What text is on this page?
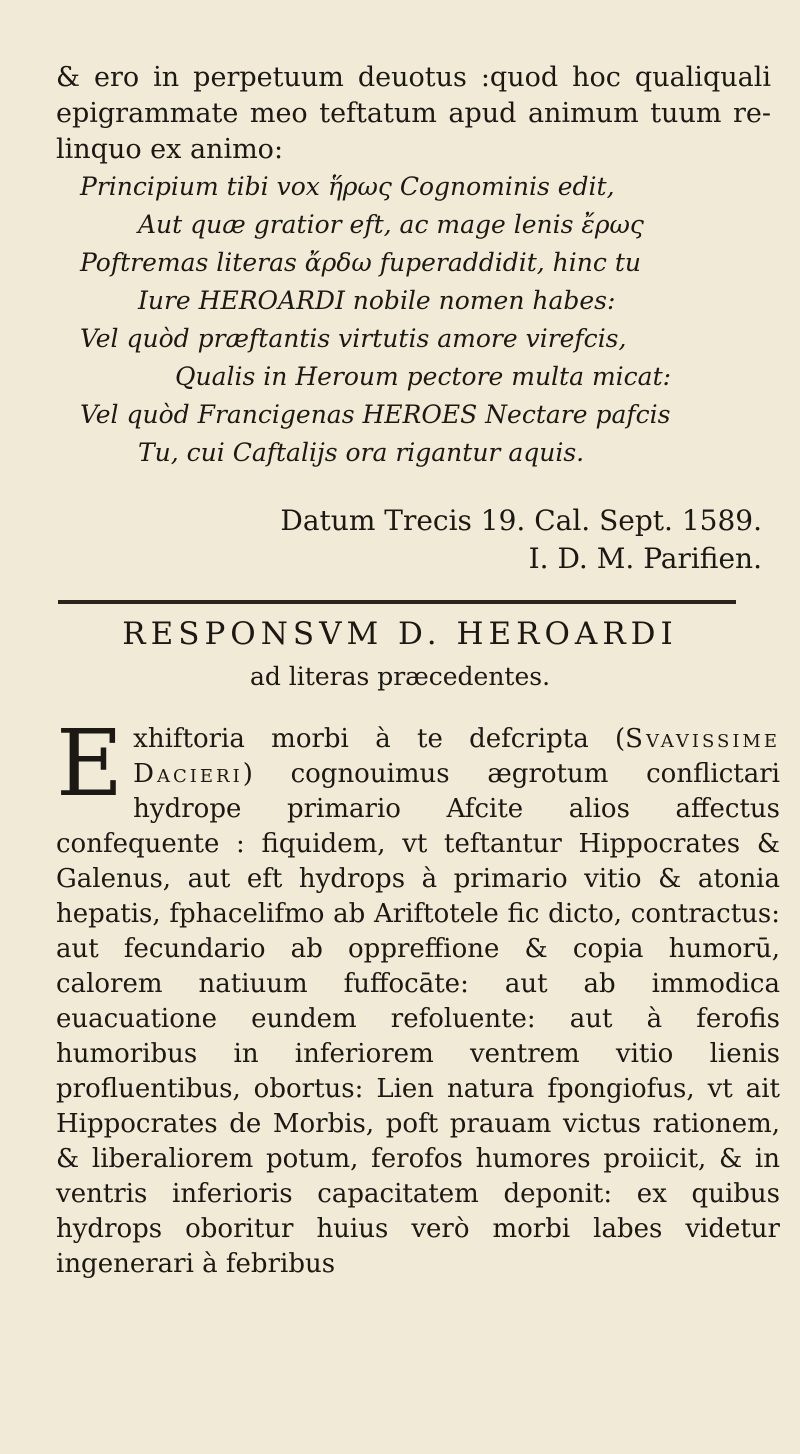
& ero in perpetuum deuotus :quod hoc qualiquali epigrammate meo teftatum apud animum tuum re- linquo ex animo:

Principium tibi vox ἥρως Cognominis edit,
Aut quæ gratior eft, ac mage lenis ἔρως
Poftremas literas ἄρδω fuperaddidit, hinc tu
Iure HEROARDI nobile nomen habes:
Vel quòd præftantis virtutis amore virefcis,
Qualis in Heroum pectore multa micat:
Vel quòd Francigenas HEROES Nectare pafcis
Tu, cui Caftalijs ora rigantur aquis.
Datum Trecis 19. Cal. Sept. 1589.
I. D. M. Parifien.
RESPONSVM D. HEROARDI
ad literas præcedentes.
E xhiftoria morbi à te defcripta (Svavissime Dacieri) cognouimus ægrotum conflictari hydrope primario Afcite alios affectus confequente : fiquidem, vt teftantur Hippocrates & Galenus, aut eft hydrops à primario vitio & atonia hepatis, fphacelifmo ab Ariftotele fic dicto, contractus: aut fecundario ab oppreffione & copia humorū, calorem natiuum fuffocāte: aut ab immodica euacuatione eundem refoluente: aut à ferofis humoribus in inferiorem ventrem vitio lienis profluentibus, obortus: Lien natura fpongiofus, vt ait Hippocrates de Morbis, poft prauam victus rationem, & liberaliorem potum, ferofos humores proiicit, & in ventris inferioris capacitatem deponit: ex quibus hydrops oboritur huius verò morbi labes videtur ingenerari à febribus
